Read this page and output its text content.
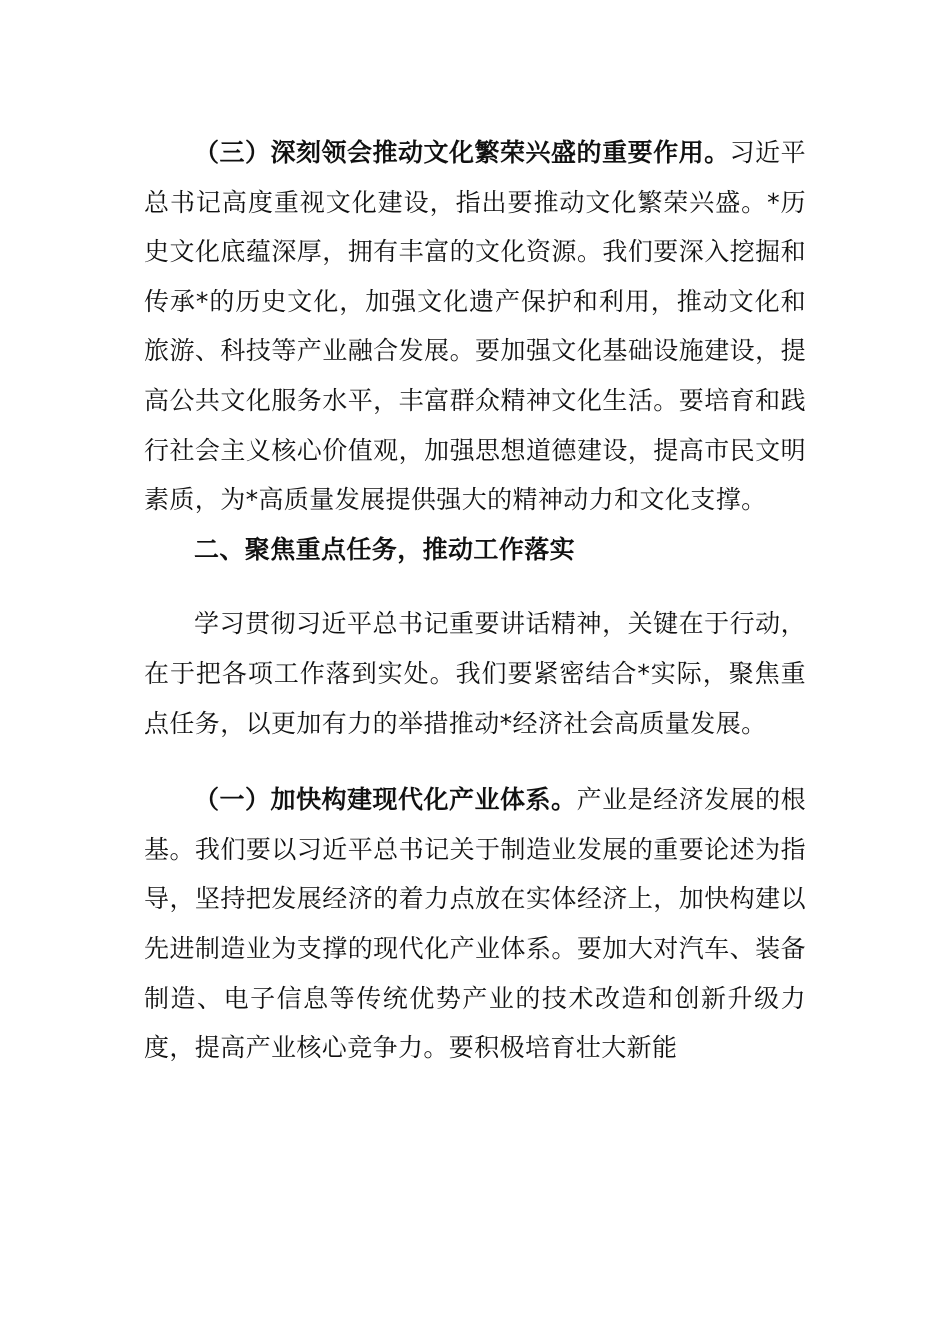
（三）深刻领会推动文化繁荣兴盛的重要作用。习近平总书记高度重视文化建设，指出要推动文化繁荣兴盛。*历史文化底蕴深厚，拥有丰富的文化资源。我们要深入挖掘和传承*的历史文化，加强文化遗产保护和利用，推动文化和旅游、科技等产业融合发展。要加强文化基础设施建设，提高公共文化服务水平，丰富群众精神文化生活。要培育和践行社会主义核心价值观，加强思想道德建设，提高市民文明素质，为*高质量发展提供强大的精神动力和文化支撑。

二、聚焦重点任务，推动工作落实

学习贯彻习近平总书记重要讲话精神，关键在于行动，在于把各项工作落到实处。我们要紧密结合*实际，聚焦重点任务，以更加有力的举措推动*经济社会高质量发展。

（一）加快构建现代化产业体系。产业是经济发展的根基。我们要以习近平总书记关于制造业发展的重要论述为指导，坚持把发展经济的着力点放在实体经济上，加快构建以先进制造业为支撑的现代化产业体系。要加大对汽车、装备制造、电子信息等传统优势产业的技术改造和创新升级力度，提高产业核心竞争力。要积极培育壮大新能
